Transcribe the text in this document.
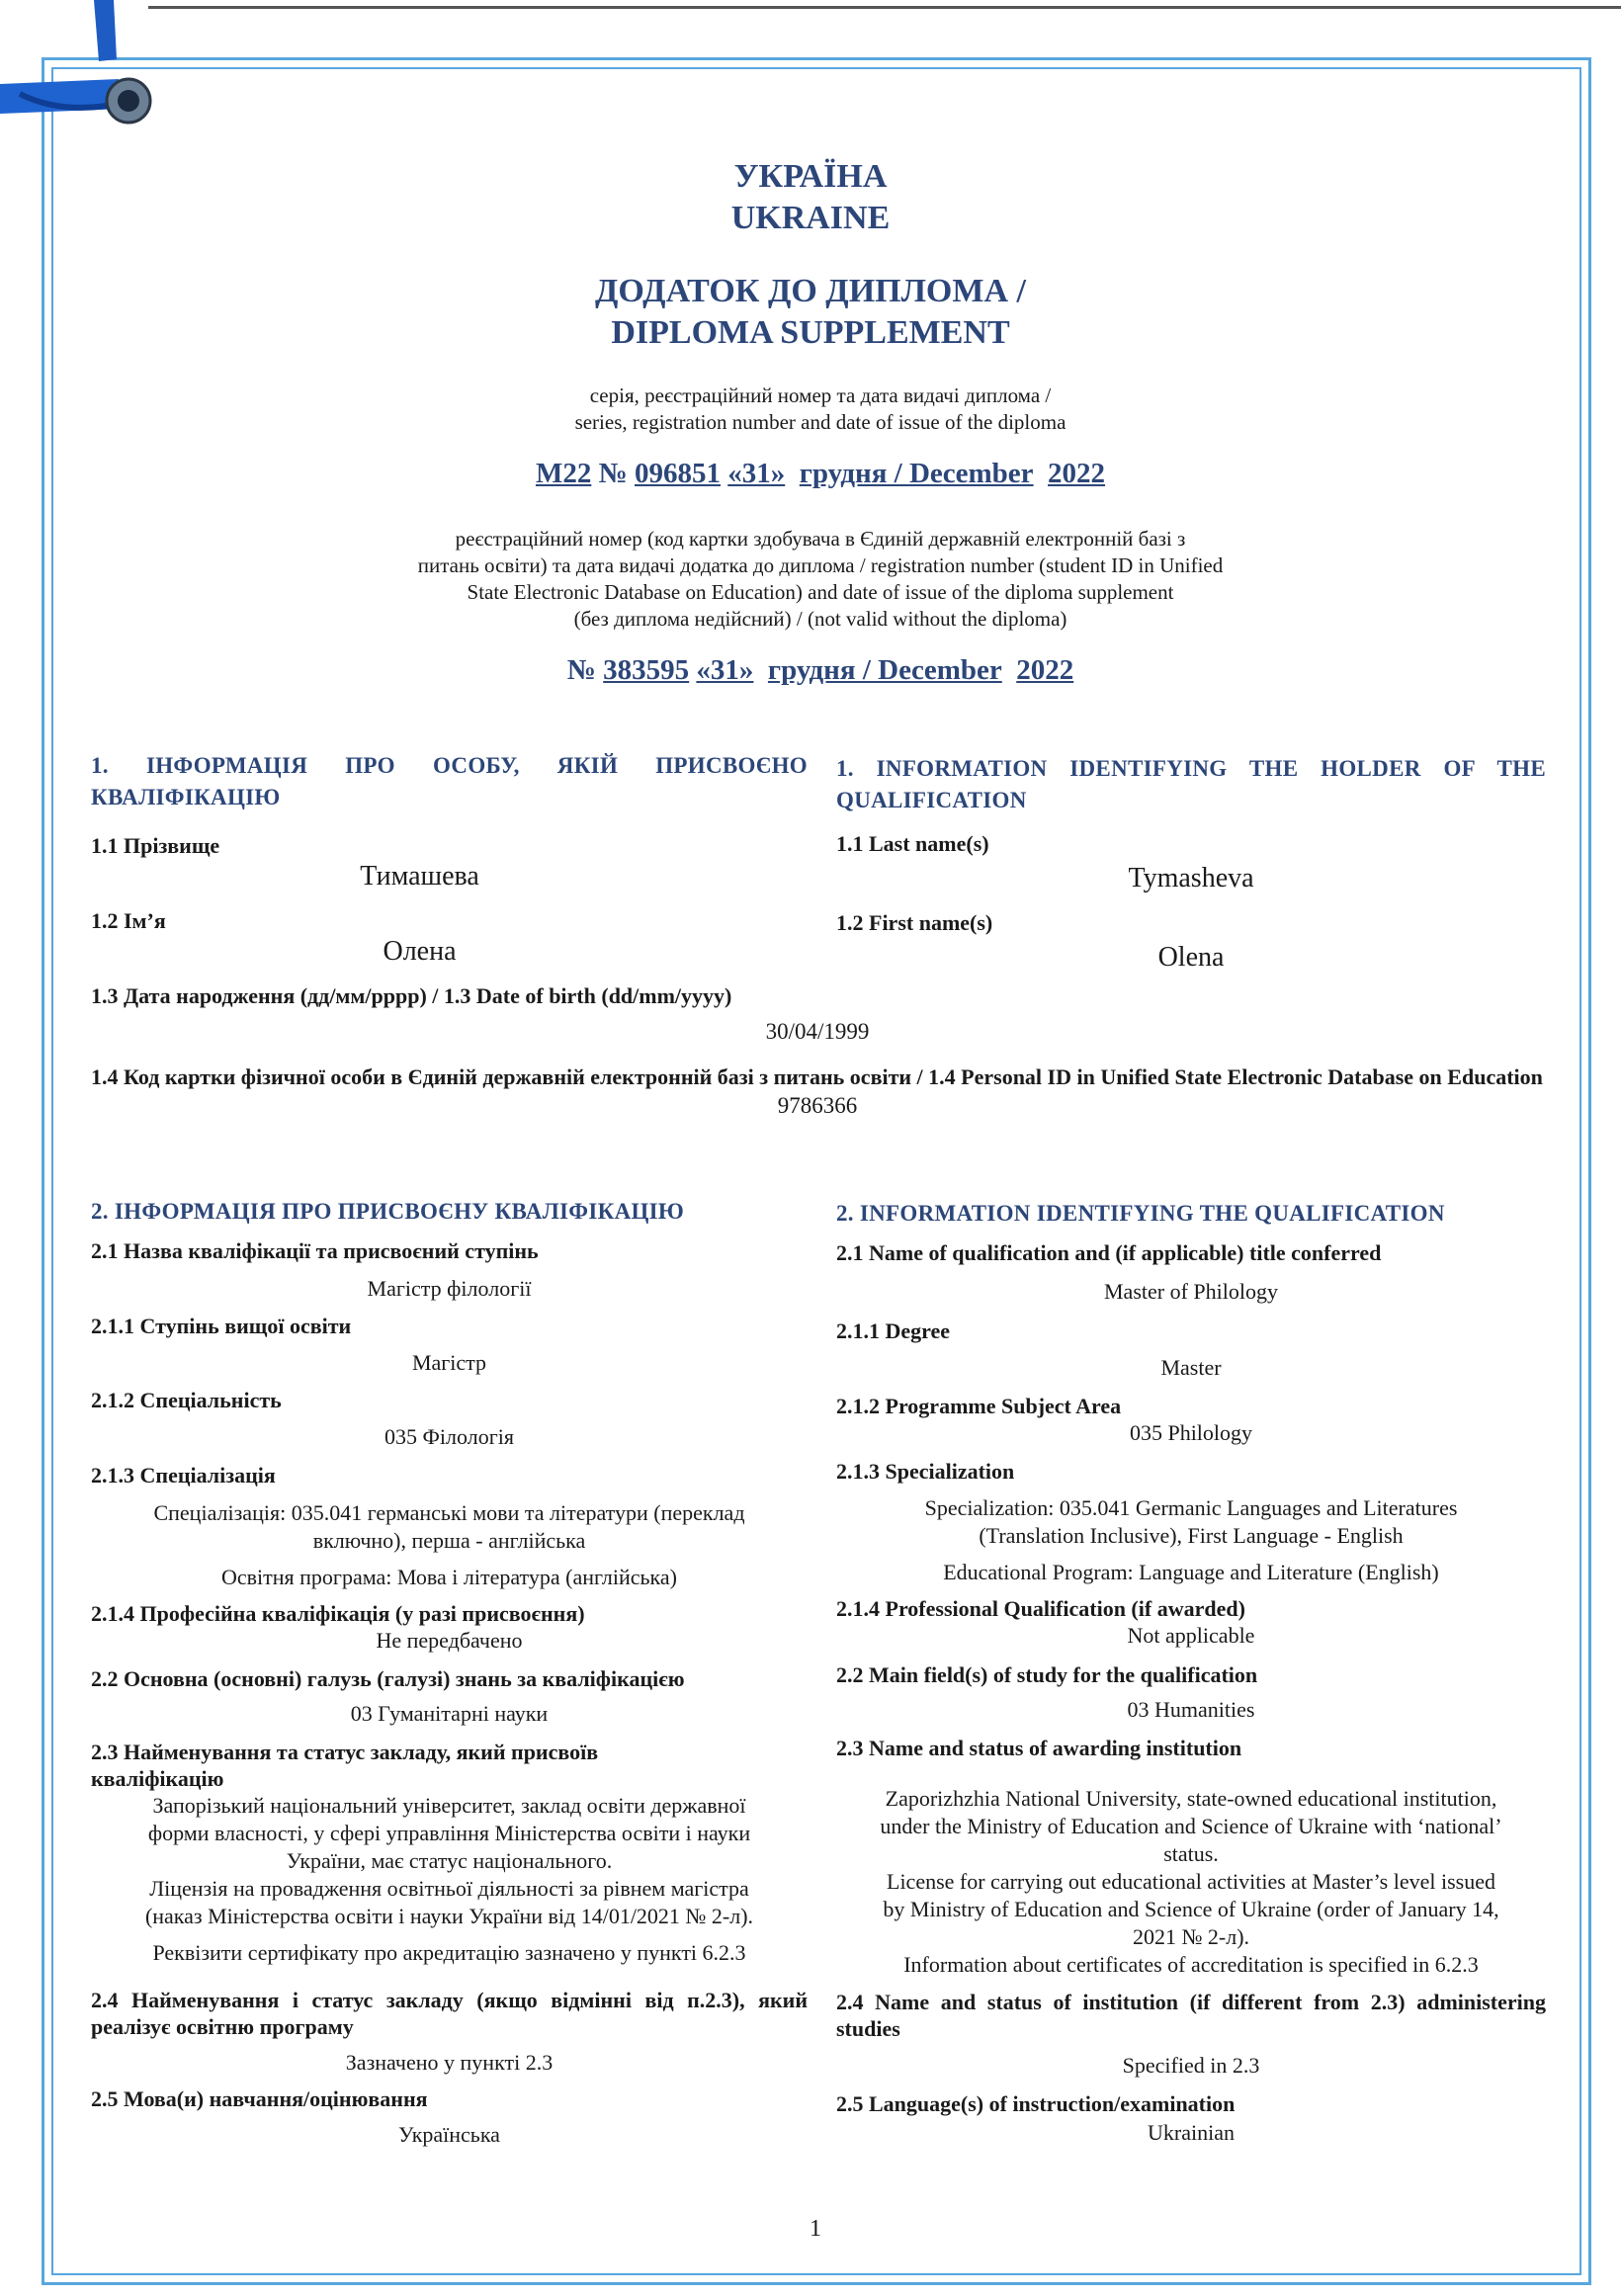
УКРАЇНА
UKRAINE
ДОДАТОК ДО ДИПЛОМА /
DIPLOMA SUPPLEMENT
серія, реєстраційний номер та дата видачі диплома /
series, registration number and date of issue of the diploma
М22 № 096851 «31» грудня / December 2022
реєстраційний номер (код картки здобувача в Єдиній державній електронній базі з
питань освіти) та дата видачі додатка до диплома / registration number (student ID in Unified
State Electronic Database on Education) and date of issue of the diploma supplement
(без диплома недійсний) / (not valid without the diploma)
№ 383595 «31» грудня / December 2022
1. ІНФОРМАЦІЯ ПРО ОСОБУ, ЯКІЙ ПРИСВОЄНО КВАЛІФІКАЦІЮ
1. INFORMATION IDENTIFYING THE HOLDER OF THE QUALIFICATION
1.1 Прізвище
Тимашева
1.1 Last name(s)
Tymasheva
1.2 Ім’я
Олена
1.2 First name(s)
Olena
1.3 Дата народження (дд/мм/рррр) / 1.3 Date of birth (dd/mm/yyyy)
30/04/1999
1.4 Код картки фізичної особи в Єдиній державній електронній базі з питань освіти / 1.4 Personal ID in Unified State Electronic Database on Education
9786366
2. ІНФОРМАЦІЯ ПРО ПРИСВОЄНУ КВАЛІФІКАЦІЮ	2. INFORMATION IDENTIFYING THE QUALIFICATION
2.1 Назва кваліфікації та присвоєний ступінь
Магістр філології
2.1.1 Ступінь вищої освіти
Магістр
2.1.2 Спеціальність
035 Філологія
2.1.3 Спеціалізація
Спеціалізація: 035.041 германські мови та літератури (переклад
включно), перша - англійська
Освітня програма: Мова і література (англійська)
2.1.4 Професійна кваліфікація (у разі присвоєння)
Не передбачено
2.2 Основна (основні) галузь (галузі) знань за кваліфікацією
03 Гуманітарні науки
2.3 Найменування та статус закладу, який присвоїв
кваліфікацію
Запорізький національний університет, заклад освіти державної
форми власності, у сфері управління Міністерства освіти і науки
України, має статус національного.
Ліцензія на провадження освітньої діяльності за рівнем магістра
(наказ Міністерства освіти і науки України від 14/01/2021 № 2-л).
Реквізити сертифікату про акредитацію зазначено у пункті 6.2.3
2.4 Найменування і статус закладу (якщо відмінні від п.2.3), який реалізує освітню програму
Зазначено у пункті 2.3
2.5 Мова(и) навчання/оцінювання
Українська
2.1 Name of qualification and (if applicable) title conferred
Master of Philology
2.1.1 Degree
Master
2.1.2 Programme Subject Area
035 Philology
2.1.3 Specialization
Specialization: 035.041 Germanic Languages and Literatures
(Translation Inclusive), First Language - English
Educational Program: Language and Literature (English)
2.1.4 Professional Qualification (if awarded)
Not applicable
2.2 Main field(s) of study for the qualification
03 Humanities
2.3 Name and status of awarding institution
Zaporizhzhia National University, state-owned educational institution,
under the Ministry of Education and Science of Ukraine with ‘national’
status.
License for carrying out educational activities at Master’s level issued
by Ministry of Education and Science of Ukraine (order of January 14,
2021 № 2-л).
Information about certificates of accreditation is specified in 6.2.3
2.4 Name and status of institution (if different from 2.3) administering studies
Specified in 2.3
2.5 Language(s) of instruction/examination
Ukrainian
1
